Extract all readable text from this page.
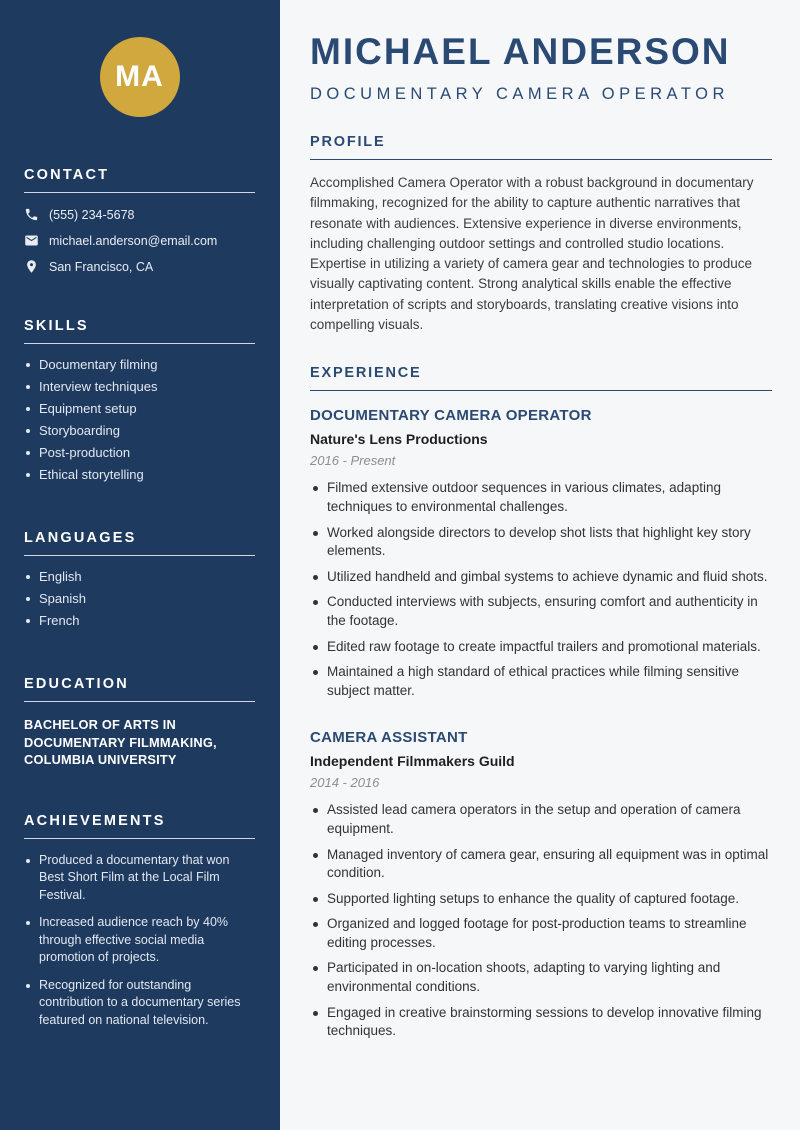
MA
CONTACT
(555) 234-5678
michael.anderson@email.com
San Francisco, CA
SKILLS
Documentary filming
Interview techniques
Equipment setup
Storyboarding
Post-production
Ethical storytelling
LANGUAGES
English
Spanish
French
EDUCATION

BACHELOR OF ARTS IN DOCUMENTARY FILMMAKING, COLUMBIA UNIVERSITY

ACHIEVEMENTS
Produced a documentary that won Best Short Film at the Local Film Festival.
Increased audience reach by 40% through effective social media promotion of projects.
Recognized for outstanding contribution to a documentary series featured on national television.
MICHAEL ANDERSON
DOCUMENTARY CAMERA OPERATOR
PROFILE

Accomplished Camera Operator with a robust background in documentary filmmaking, recognized for the ability to capture authentic narratives that resonate with audiences. Extensive experience in diverse environments, including challenging outdoor settings and controlled studio locations. Expertise in utilizing a variety of camera gear and technologies to produce visually captivating content. Strong analytical skills enable the effective interpretation of scripts and storyboards, translating creative visions into compelling visuals.

EXPERIENCE
DOCUMENTARY CAMERA OPERATOR
Nature's Lens Productions
2016 - Present
Filmed extensive outdoor sequences in various climates, adapting techniques to environmental challenges.
Worked alongside directors to develop shot lists that highlight key story elements.
Utilized handheld and gimbal systems to achieve dynamic and fluid shots.
Conducted interviews with subjects, ensuring comfort and authenticity in the footage.
Edited raw footage to create impactful trailers and promotional materials.
Maintained a high standard of ethical practices while filming sensitive subject matter.
CAMERA ASSISTANT
Independent Filmmakers Guild
2014 - 2016
Assisted lead camera operators in the setup and operation of camera equipment.
Managed inventory of camera gear, ensuring all equipment was in optimal condition.
Supported lighting setups to enhance the quality of captured footage.
Organized and logged footage for post-production teams to streamline editing processes.
Participated in on-location shoots, adapting to varying lighting and environmental conditions.
Engaged in creative brainstorming sessions to develop innovative filming techniques.
